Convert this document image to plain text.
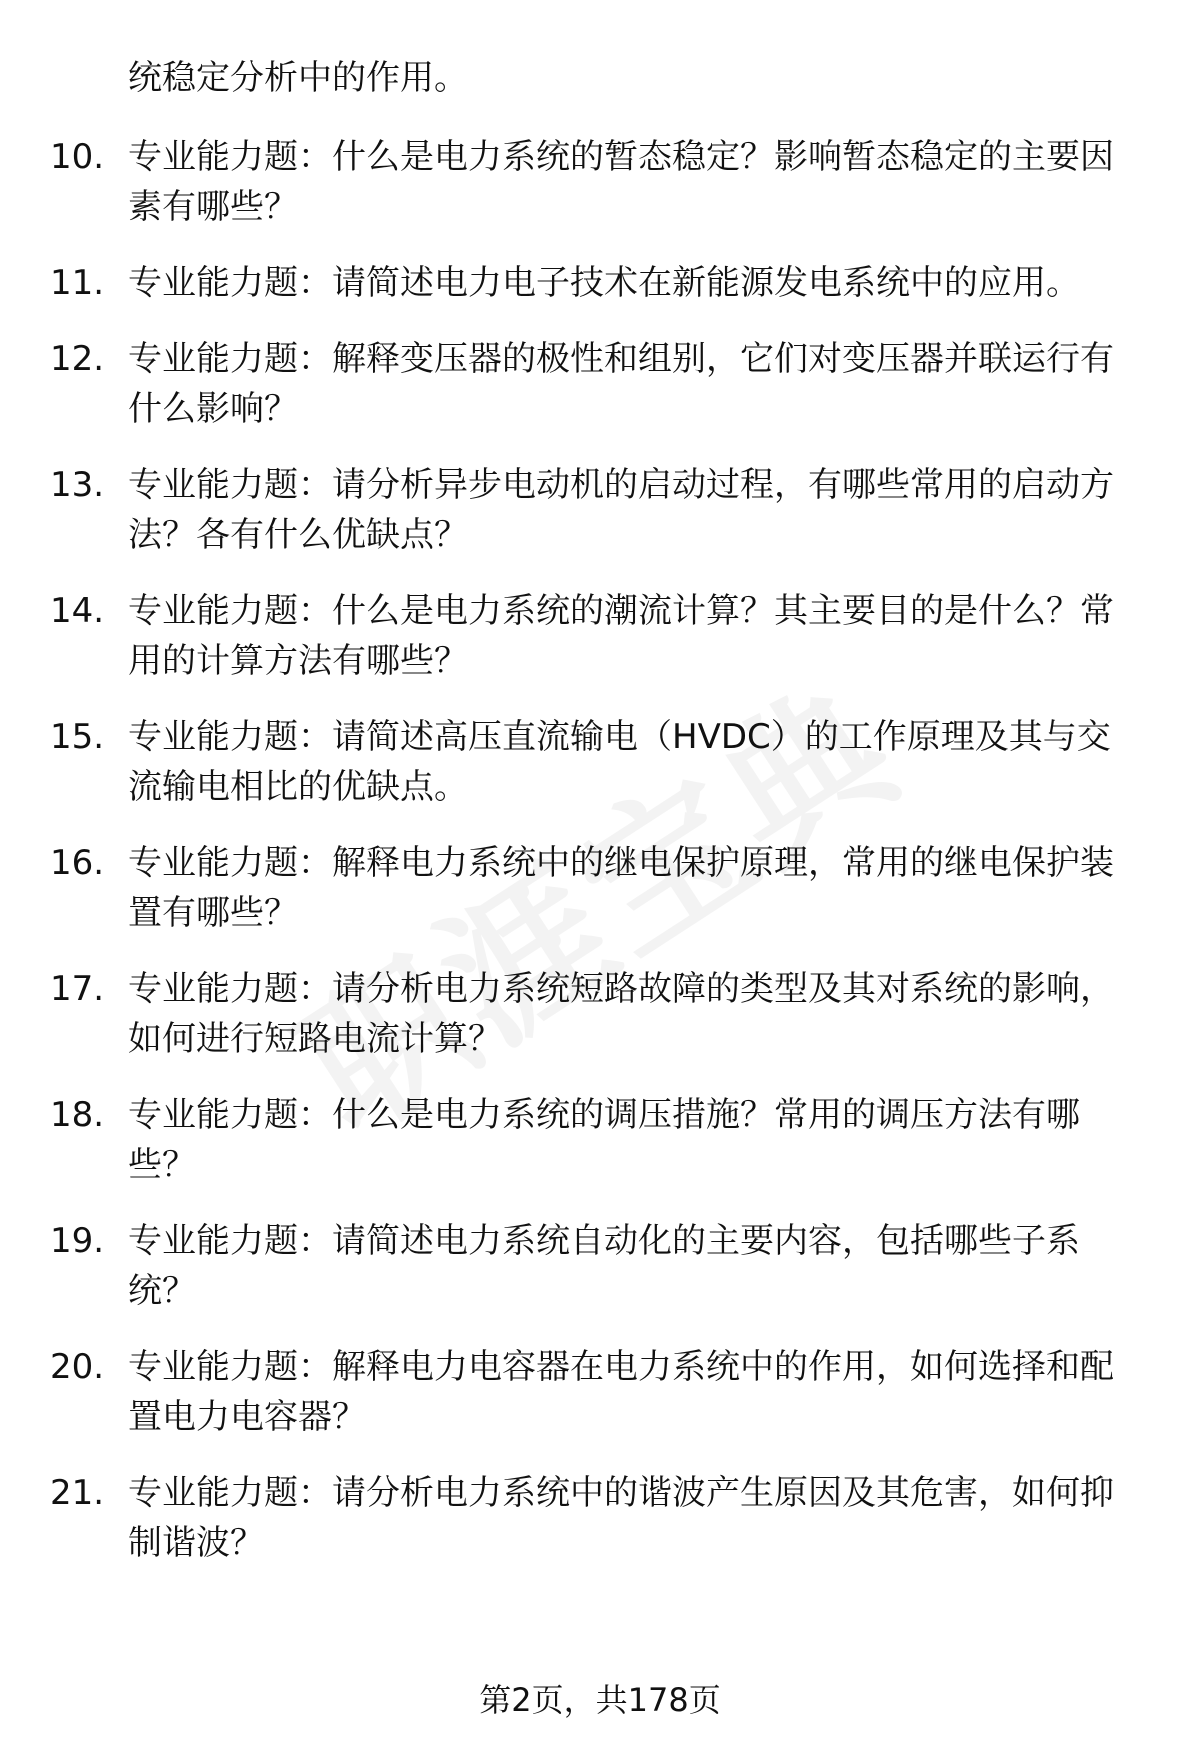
统稳定分析中的作用。
10. 专业能力题：什么是电力系统的暂态稳定？影响暂态稳定的主要因素有哪些？
11. 专业能力题：请简述电力电子技术在新能源发电系统中的应用。
12. 专业能力题：解释变压器的极性和组别，它们对变压器并联运行有什么影响？
13. 专业能力题：请分析异步电动机的启动过程，有哪些常用的启动方法？各有什么优缺点？
14. 专业能力题：什么是电力系统的潮流计算？其主要目的是什么？常用的计算方法有哪些？
15. 专业能力题：请简述高压直流输电（HVDC）的工作原理及其与交流输电相比的优缺点。
16. 专业能力题：解释电力系统中的继电保护原理，常用的继电保护装置有哪些？
17. 专业能力题：请分析电力系统短路故障的类型及其对系统的影响，如何进行短路电流计算？
18. 专业能力题：什么是电力系统的调压措施？常用的调压方法有哪些？
19. 专业能力题：请简述电力系统自动化的主要内容，包括哪些子系统？
20. 专业能力题：解释电力电容器在电力系统中的作用，如何选择和配置电力电容器？
21. 专业能力题：请分析电力系统中的谐波产生原因及其危害，如何抑制谐波？
第2页，共178页
